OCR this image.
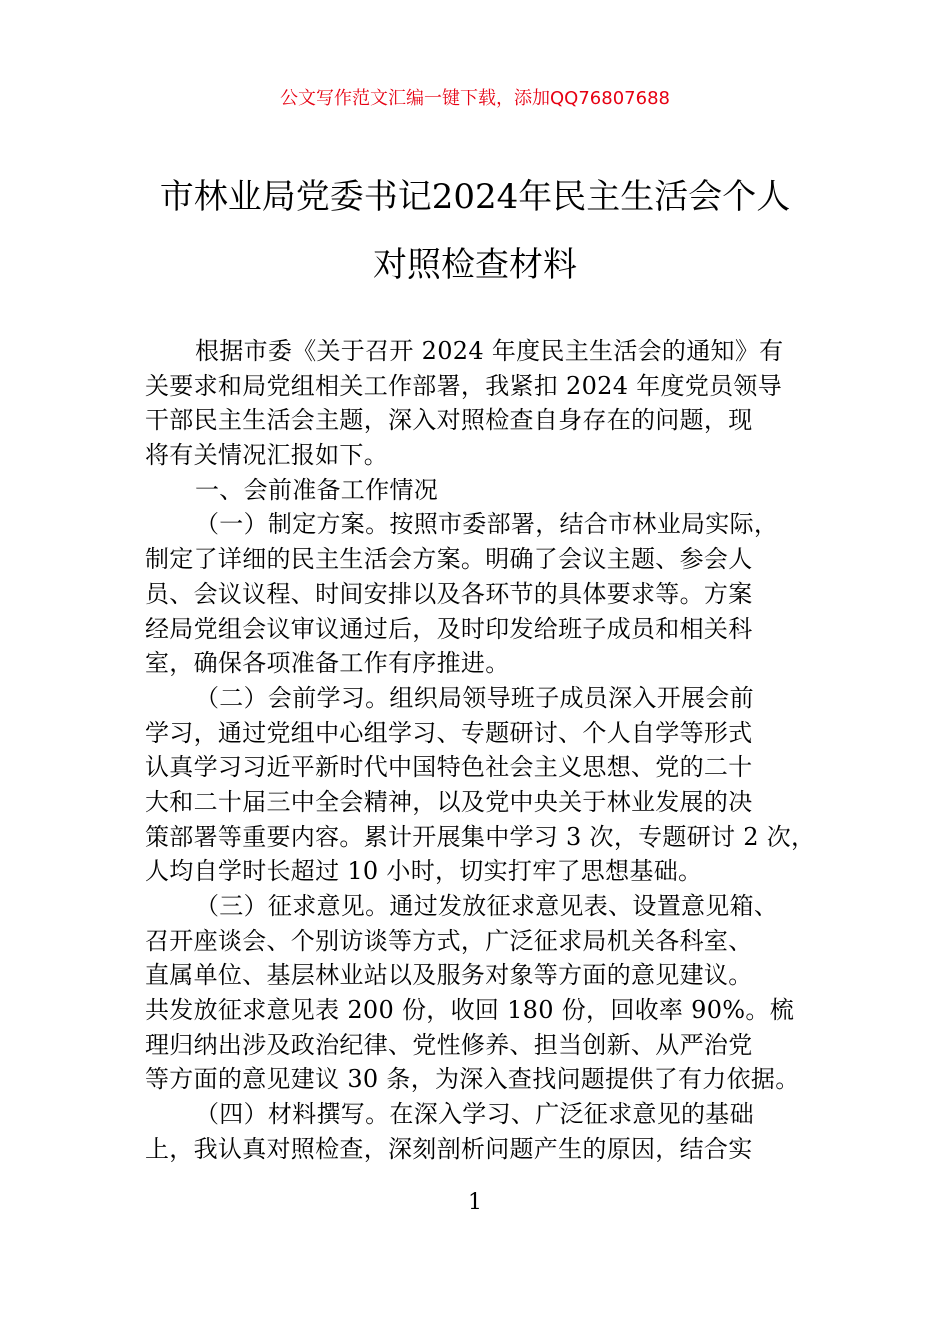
公文写作范文汇编一键下载，添加QQ76807688
市林业局党委书记2024年民主生活会个人
对照检查材料
根据市委《关于召开 2024 年度民主生活会的通知》有
关要求和局党组相关工作部署，我紧扣 2024 年度党员领导
干部民主生活会主题，深入对照检查自身存在的问题，现
将有关情况汇报如下。
一、会前准备工作情况
（一）制定方案。按照市委部署，结合市林业局实际，
制定了详细的民主生活会方案。明确了会议主题、参会人
员、会议议程、时间安排以及各环节的具体要求等。方案
经局党组会议审议通过后，及时印发给班子成员和相关科
室，确保各项准备工作有序推进。
（二）会前学习。组织局领导班子成员深入开展会前
学习，通过党组中心组学习、专题研讨、个人自学等形式
认真学习习近平新时代中国特色社会主义思想、党的二十
大和二十届三中全会精神，以及党中央关于林业发展的决
策部署等重要内容。累计开展集中学习 3 次，专题研讨 2 次，
人均自学时长超过 10 小时，切实打牢了思想基础。
（三）征求意见。通过发放征求意见表、设置意见箱、
召开座谈会、个别访谈等方式，广泛征求局机关各科室、
直属单位、基层林业站以及服务对象等方面的意见建议。
共发放征求意见表 200 份，收回 180 份，回收率 90%。梳
理归纳出涉及政治纪律、党性修养、担当创新、从严治党
等方面的意见建议 30 条，为深入查找问题提供了有力依据。
（四）材料撰写。在深入学习、广泛征求意见的基础
上，我认真对照检查，深刻剖析问题产生的原因，结合实
1
